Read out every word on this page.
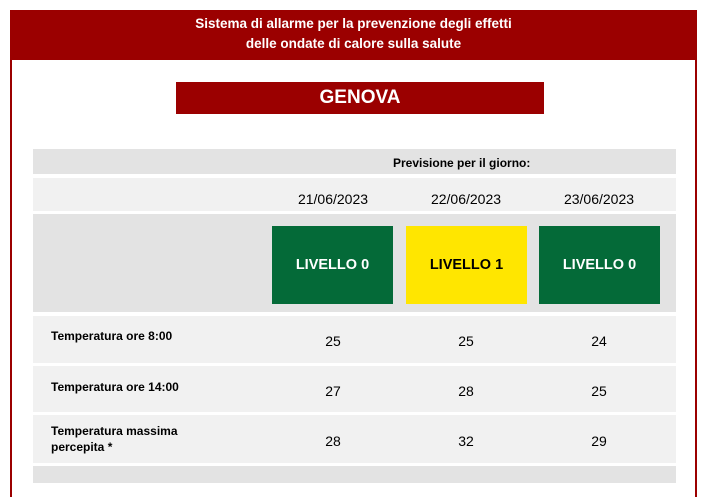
Sistema di allarme per la prevenzione degli effetti
delle ondate di calore sulla salute
GENOVA
Previsione per il giorno:
21/06/2023	22/06/2023	23/06/2023
LIVELLO 0	LIVELLO 1	LIVELLO 0
Temperatura ore 8:00	25	25	24
Temperatura ore 14:00	27	28	25
Temperatura massima
percepita *	28	32	29
